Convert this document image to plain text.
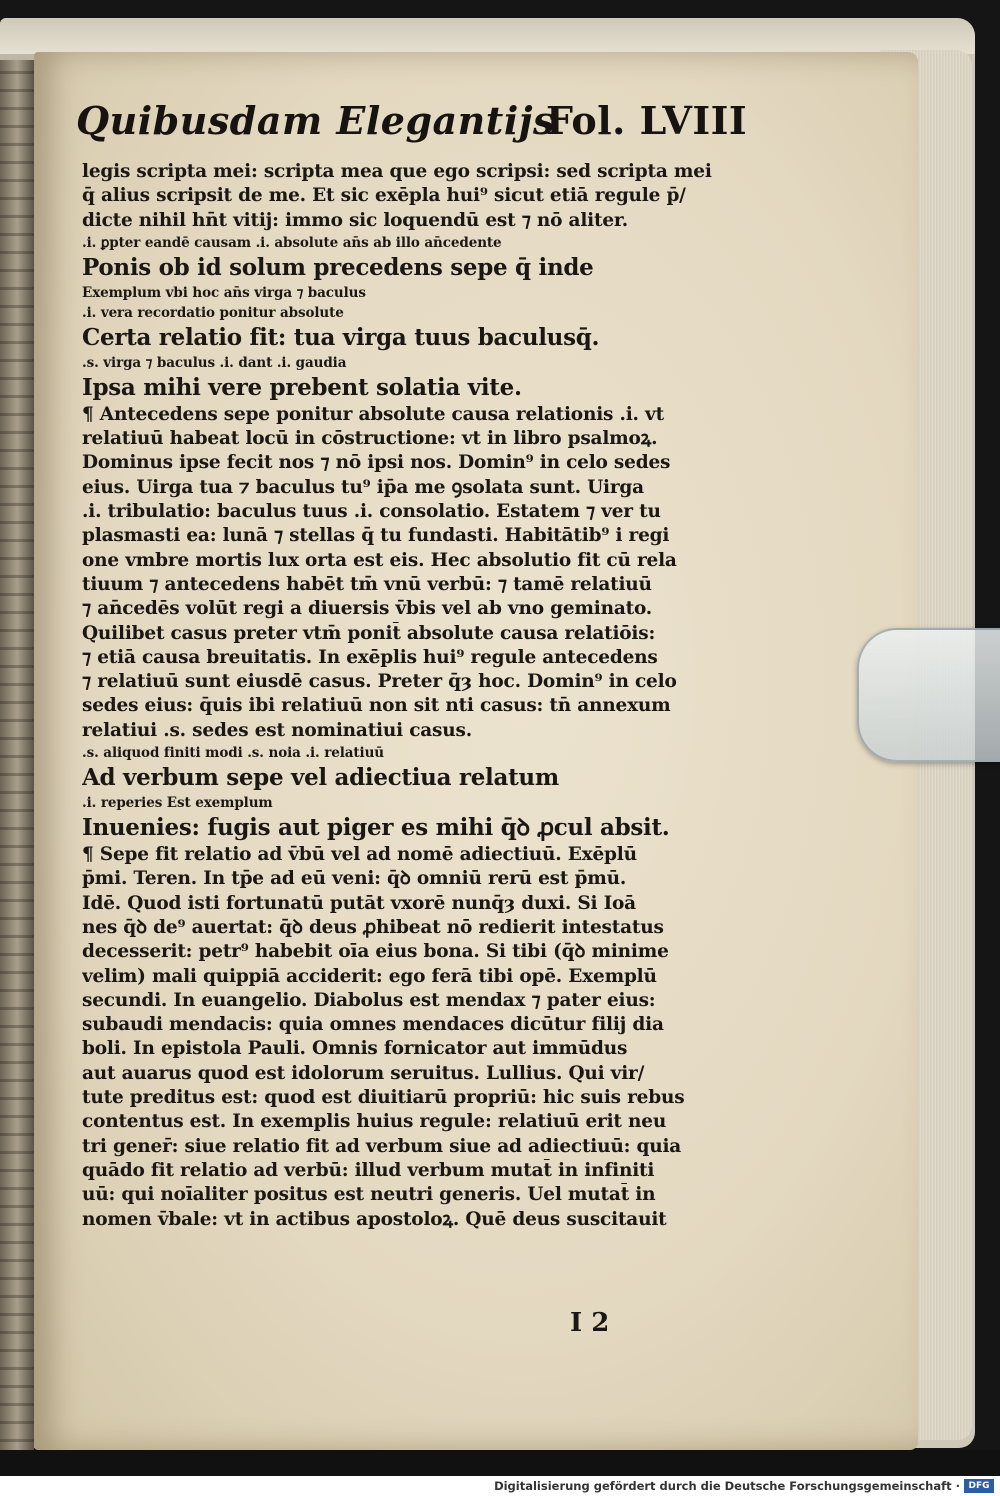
Quibusdam Elegantijs
Fol. LVIII
legis scripta mei: scripta mea que ego scripsi: sed scripta mei
q̄ alius scripsit de me. Et sic exēpla hui⁹ sicut etiā regule p̄/
dicte nihil hn̄t vitij: immo sic loquendū est ⁊ nō aliter.
.i. ꝑpter eandē causam .i. absolute an̄s ab illo an̄cedente
Ponis ob id solum precedens sepe q̄ inde
Exemplum vbi hoc an̄s virga ⁊ baculus
.i. vera recordatio ponitur absolute
Certa relatio fit: tua virga tuus baculusq̄.
.s. virga ⁊ baculus .i. dant .i. gaudia
Ipsa mihi vere prebent solatia vite.
¶ Antecedens sepe ponitur absolute causa relationis .i. vt
relatiuū habeat locū in cōstructione: vt in libro psalmoꝝ.
Dominus ipse fecit nos ⁊ nō ipsi nos. Domin⁹ in celo sedes
eius. Uirga tua ⁊ baculus tu⁹ ip̄a me ꝯsolata sunt. Uirga
.i. tribulatio: baculus tuus .i. consolatio. Estatem ⁊ ver tu
plasmasti ea: lunā ⁊ stellas q̄ tu fundasti. Habitātib⁹ i regi
one vmbre mortis lux orta est eis. Hec absolutio fit cū rela
tiuum ⁊ antecedens habēt tm̄ vnū verbū: ⁊ tamē relatiuū
⁊ an̄cedēs volūt regi a diuersis v̄bis vel ab vno geminato.
Quilibet casus preter vtm̄ ponit̄ absolute causa relatiōis:
⁊ etiā causa breuitatis. In exēplis hui⁹ regule antecedens
⁊ relatiuū sunt eiusdē casus. Preter q̄ȝ hoc. Domin⁹ in celo
sedes eius: q̄uis ibi relatiuū non sit nti casus: tn̄ annexum
relatiui .s. sedes est nominatiui casus.
.s. aliquod finiti modi .s. noia .i. relatiuū
Ad verbum sepe vel adiectiua relatum
.i. reperies Est exemplum
Inuenies: fugis aut piger es mihi q̄ꝺ ꝓcul absit.
¶ Sepe fit relatio ad v̄bū vel ad nomē adiectiuū. Exēplū
p̄mi. Teren. In tp̄e ad eū veni: q̄ꝺ omniū rerū est p̄mū.
Idē. Quod isti fortunatū putāt vxorē nunq̄ȝ duxi. Si Ioā
nes q̄ꝺ de⁹ auertat: q̄ꝺ deus ꝓhibeat nō redierit intestatus
decesserit: petr⁹ habebit oīa eius bona. Si tibi (q̄ꝺ minime
velim) mali quippiā acciderit: ego ferā tibi opē. Exemplū
secundi. In euangelio. Diabolus est mendax ⁊ pater eius:
subaudi mendacis: quia omnes mendaces dicūtur filij dia
boli. In epistola Pauli. Omnis fornicator aut immūdus
aut auarus quod est idolorum seruitus. Lullius. Qui vir/
tute preditus est: quod est diuitiarū propriū: hic suis rebus
contentus est. In exemplis huius regule: relatiuū erit neu
tri gener̄: siue relatio fit ad verbum siue ad adiectiuū: quia
quādo fit relatio ad verbū: illud verbum mutat̄ in infiniti
uū: qui noīaliter positus est neutri generis. Uel mutat̄ in
nomen v̄bale: vt in actibus apostoloꝝ. Quē deus suscitauit
I 2
Digitalisierung gefördert durch die Deutsche Forschungsgemeinschaft · DFG
